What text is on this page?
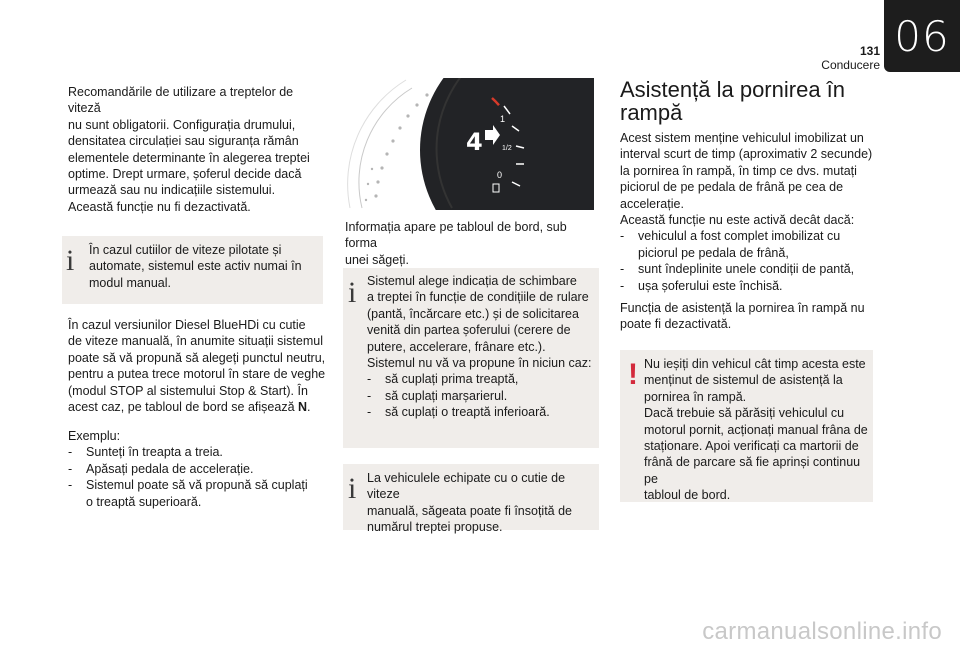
06
131
Conducere

Recomandările de utilizare a treptelor de viteză

nu sunt obligatorii. Configurația drumului,

densitatea circulației sau siguranța rămân

elementele determinante în alegerea treptei

optime. Drept urmare, șoferul decide dacă

urmează sau nu indicațiile sistemului.

Această funcție nu fi dezactivată.

i În cazul cutiilor de viteze pilotate și

automate, sistemul este activ numai în

modul manual.

În cazul versiunilor Diesel BlueHDi cu cutie

de viteze manuală, în anumite situații sistemul

poate să vă propună să alegeți punctul neutru,

pentru a putea trece motorul în stare de veghe

(modul STOP al sistemului Stop & Start). În

acest caz, pe tabloul de bord se afișează N.

Exemplu:

-	Sunteți în treapta a treia.
-	Apăsați pedala de accelerație.
-	Sistemul poate să vă propună să cuplați
o treaptă superioară.
1
1/2
0
4

Informația apare pe tabloul de bord, sub forma

unei săgeți.

i Sistemul alege indicația de schimbare

a treptei în funcție de condițiile de rulare

(pantă, încărcare etc.) și de solicitarea

venită din partea șoferului (cerere de

putere, accelerare, frânare etc.).

Sistemul nu vă va propune în niciun caz:

-	să cuplați prima treaptă,
-	să cuplați marșarierul.
-	să cuplați o treaptă inferioară.
i La vehiculele echipate cu o cutie de viteze

manuală, săgeata poate fi însoțită de

numărul treptei propuse.

Asistență la pornirea în rampă

Acest sistem menține vehiculul imobilizat un

interval scurt de timp (aproximativ 2 secunde)

la pornirea în rampă, în timp ce dvs. mutați

piciorul de pe pedala de frână pe cea de

accelerație.

Această funcție nu este activă decât dacă:

-	vehiculul a fost complet imobilizat cu
piciorul pe pedala de frână,
-	sunt îndeplinite unele condiții de pantă,
-	ușa șoferului este închisă.

Funcția de asistență la pornirea în rampă nu

poate fi dezactivată.

! Nu ieșiți din vehicul cât timp acesta este

menținut de sistemul de asistență la

pornirea în rampă.

Dacă trebuie să părăsiți vehiculul cu

motorul pornit, acționați manual frâna de

staționare. Apoi verificați ca martorii de

frână de parcare să fie aprinși continuu pe

tabloul de bord.

carmanualsonline.info
